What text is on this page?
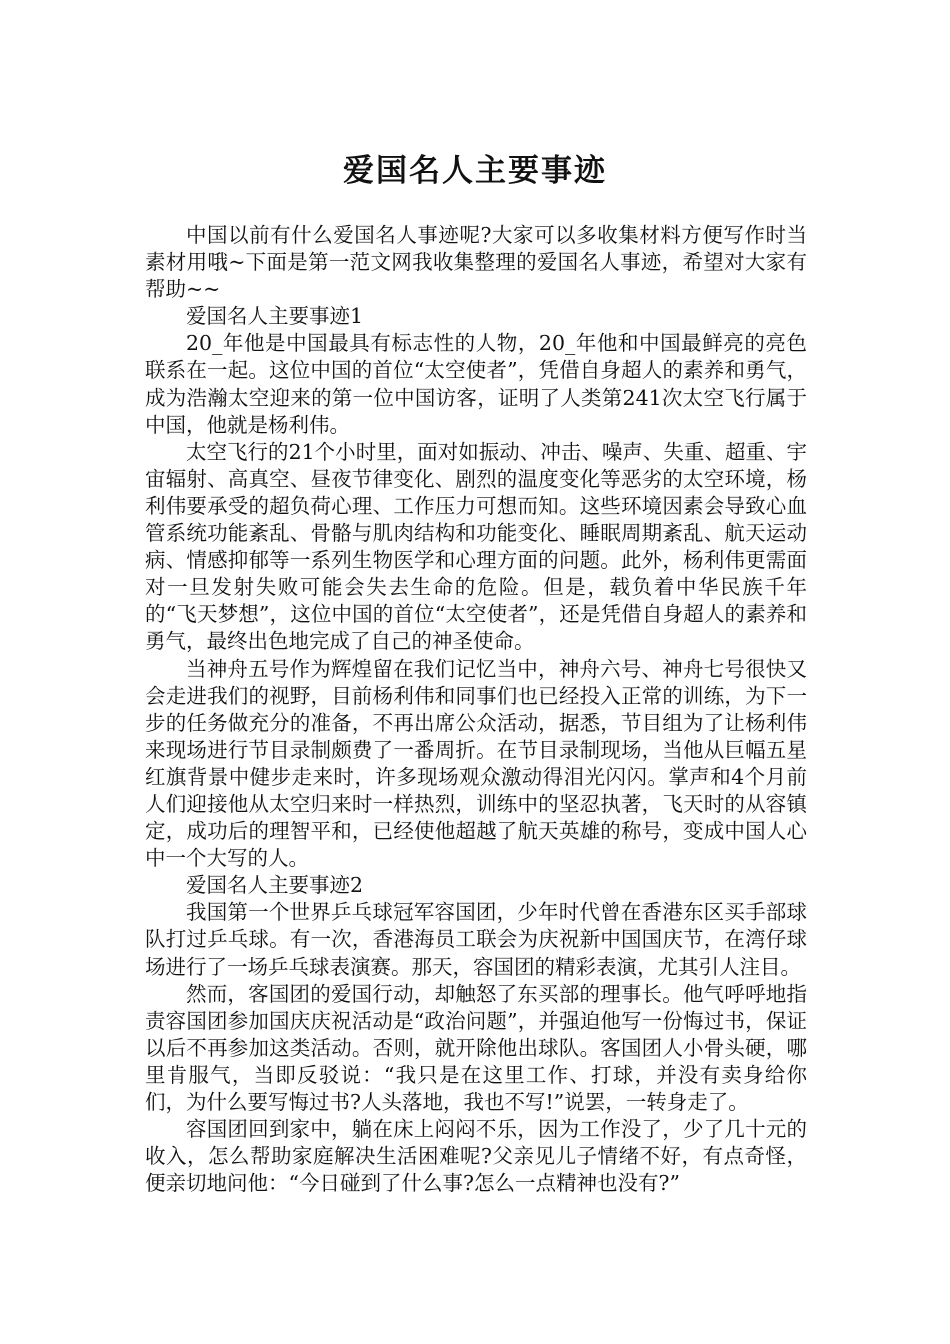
爱国名人主要事迹

中国以前有什么爱国名人事迹呢?大家可以多收集材料方便写作时当素材用哦~下面是第一范文网我收集整理的爱国名人事迹，希望对大家有帮助~~

爱国名人主要事迹1

20_年他是中国最具有标志性的人物，20_年他和中国最鲜亮的亮色联系在一起。这位中国的首位“太空使者”，凭借自身超人的素养和勇气，成为浩瀚太空迎来的第一位中国访客，证明了人类第241次太空飞行属于中国，他就是杨利伟。

太空飞行的21个小时里，面对如振动、冲击、噪声、失重、超重、宇宙辐射、高真空、昼夜节律变化、剧烈的温度变化等恶劣的太空环境，杨利伟要承受的超负荷心理、工作压力可想而知。这些环境因素会导致心血管系统功能紊乱、骨骼与肌肉结构和功能变化、睡眠周期紊乱、航天运动病、情感抑郁等一系列生物医学和心理方面的问题。此外，杨利伟更需面对一旦发射失败可能会失去生命的危险。但是，载负着中华民族千年的“飞天梦想”，这位中国的首位“太空使者”，还是凭借自身超人的素养和勇气，最终出色地完成了自己的神圣使命。

当神舟五号作为辉煌留在我们记忆当中，神舟六号、神舟七号很快又会走进我们的视野，目前杨利伟和同事们也已经投入正常的训练，为下一步的任务做充分的准备，不再出席公众活动，据悉，节目组为了让杨利伟来现场进行节目录制颇费了一番周折。在节目录制现场，当他从巨幅五星红旗背景中健步走来时，许多现场观众激动得泪光闪闪。掌声和4个月前人们迎接他从太空归来时一样热烈，训练中的坚忍执著，飞天时的从容镇定，成功后的理智平和，已经使他超越了航天英雄的称号，变成中国人心中一个大写的人。

爱国名人主要事迹2

我国第一个世界乒乓球冠军容国团，少年时代曾在香港东区买手部球队打过乒乓球。有一次，香港海员工联会为庆祝新中国国庆节，在湾仔球场进行了一场乒乓球表演赛。那天，容国团的精彩表演，尤其引人注目。

然而，客国团的爱国行动，却触怒了东买部的理事长。他气呼呼地指责容国团参加国庆庆祝活动是“政治问题”，并强迫他写一份悔过书，保证以后不再参加这类活动。否则，就开除他出球队。客国团人小骨头硬，哪里肯服气，当即反驳说：“我只是在这里工作、打球，并没有卖身给你们，为什么要写悔过书?人头落地，我也不写!”说罢，一转身走了。

容国团回到家中，躺在床上闷闷不乐，因为工作没了，少了几十元的收入，怎么帮助家庭解决生活困难呢?父亲见儿子情绪不好，有点奇怪，便亲切地问他：“今日碰到了什么事?怎么一点精神也没有?”
